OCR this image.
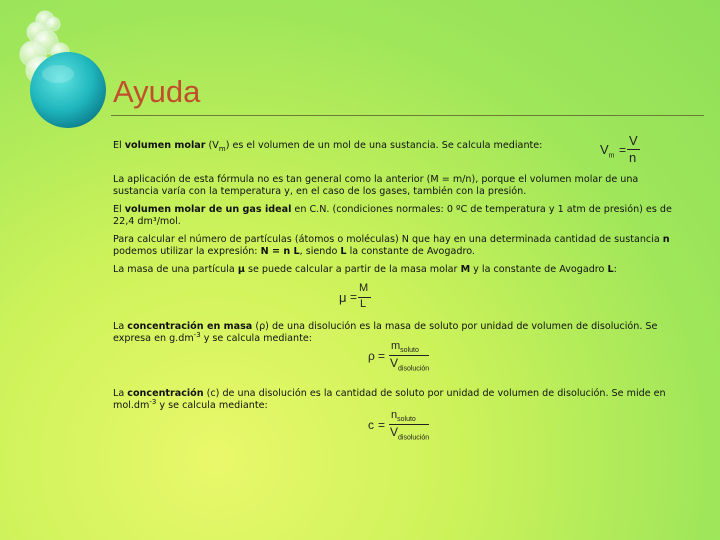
Ayuda

El volumen molar $(V_m)$ es el volumen de un mol de una sustancia. Se calcula mediante:	$V_m$ =
V
n

La aplicación de esta fórmula no es tan general como la anterior (M = m/n), porque el volumen molar de una sustancia varía con la temperatura y, en el caso de los gases, también con la presión.

El volumen molar de un gas ideal en C.N. (condiciones normales: 0 ºC de temperatura y 1 atm de presión) es de 22,4 dm³/mol.

Para calcular el número de partículas (átomos o moléculas) N que hay en una determinada cantidad de sustancia n podemos utilizar la expresión: N = n L, siendo L la constante de Avogadro.

La masa de una partícula μ se puede calcular a partir de la masa molar M y la constante de Avogadro L:

μ =
M
L

La concentración en masa (ρ) de una disolución es la masa de soluto por unidad de volumen de disolución. Se expresa en $g.dm^{-3}$ y se calcula mediante:

ρ =
$m_{soluto}$
$V_{disolución}$

La concentración (c) de una disolución es la cantidad de soluto por unidad de volumen de disolución. Se mide en $mol.dm^{-3}$ y se calcula mediante:

c =
$n_{soluto}$
$V_{disolución}$
